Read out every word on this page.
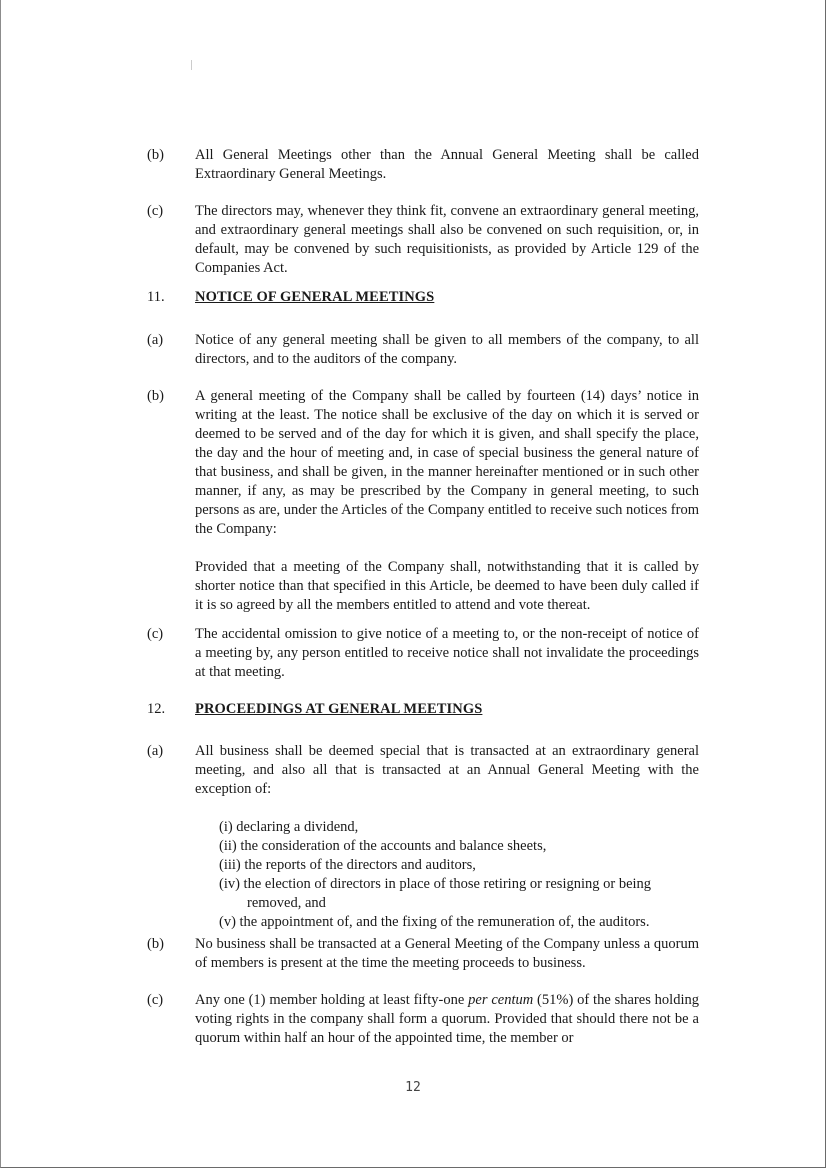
(b) All General Meetings other than the Annual General Meeting shall be called Extraordinary General Meetings.

(c) The directors may, whenever they think fit, convene an extraordinary general meeting, and extraordinary general meetings shall also be convened on such requisition, or, in default, may be convened by such requisitionists, as provided by Article 129 of the Companies Act.

11. NOTICE OF GENERAL MEETINGS

(a) Notice of any general meeting shall be given to all members of the company, to all directors, and to the auditors of the company.

(b) A general meeting of the Company shall be called by fourteen (14) days’ notice in writing at the least. The notice shall be exclusive of the day on which it is served or deemed to be served and of the day for which it is given, and shall specify the place, the day and the hour of meeting and, in case of special business the general nature of that business, and shall be given, in the manner hereinafter mentioned or in such other manner, if any, as may be prescribed by the Company in general meeting, to such persons as are, under the Articles of the Company entitled to receive such notices from the Company:

Provided that a meeting of the Company shall, notwithstanding that it is called by shorter notice than that specified in this Article, be deemed to have been duly called if it is so agreed by all the members entitled to attend and vote thereat.

(c) The accidental omission to give notice of a meeting to, or the non-receipt of notice of a meeting by, any person entitled to receive notice shall not invalidate the proceedings at that meeting.

12. PROCEEDINGS AT GENERAL MEETINGS

(a) All business shall be deemed special that is transacted at an extraordinary general meeting, and also all that is transacted at an Annual General Meeting with the exception of:

(i) declaring a dividend,
(ii) the consideration of the accounts and balance sheets,
(iii) the reports of the directors and auditors,
(iv) the election of directors in place of those retiring or resigning or being
removed, and
(v) the appointment of, and the fixing of the remuneration of, the auditors.
(b) No business shall be transacted at a General Meeting of the Company unless a quorum of members is present at the time the meeting proceeds to business.

(c) Any one (1) member holding at least fifty-one per centum (51%) of the shares holding voting rights in the company shall form a quorum. Provided that should there not be a quorum within half an hour of the appointed time, the member or

12
